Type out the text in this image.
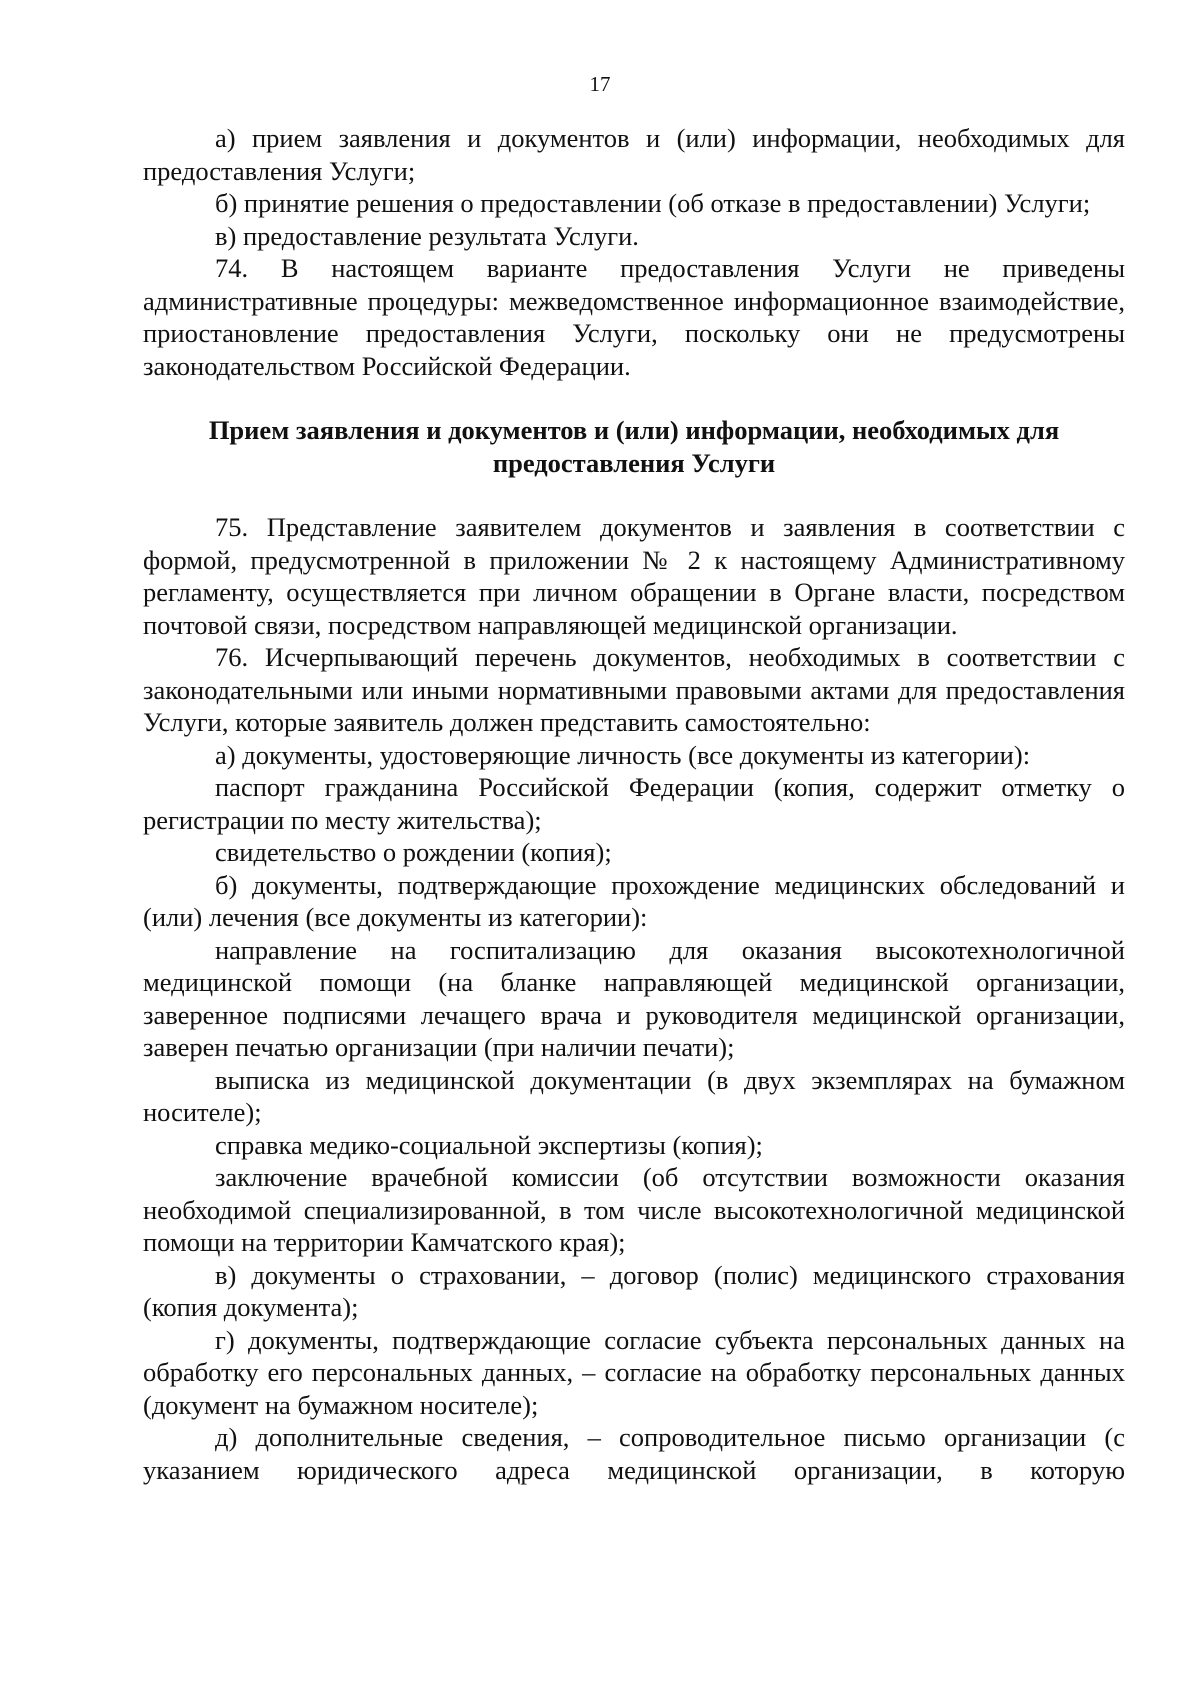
17

а) прием заявления и документов и (или) информации, необходимых для предоставления Услуги;

б) принятие решения о предоставлении (об отказе в предоставлении) Услуги;

в) предоставление результата Услуги.

74. В настоящем варианте предоставления Услуги не приведены административные процедуры: межведомственное информационное взаимодействие, приостановление предоставления Услуги, поскольку они не предусмотрены законодательством Российской Федерации.

Прием заявления и документов и (или) информации, необходимых для предоставления Услуги

75. Представление заявителем документов и заявления в соответствии с формой, предусмотренной в приложении № 2 к настоящему Административному регламенту, осуществляется при личном обращении в Органе власти, посредством почтовой связи, посредством направляющей медицинской организации.

76. Исчерпывающий перечень документов, необходимых в соответствии с законодательными или иными нормативными правовыми актами для предоставления Услуги, которые заявитель должен представить самостоятельно:

а) документы, удостоверяющие личность (все документы из категории):

паспорт гражданина Российской Федерации (копия, содержит отметку о регистрации по месту жительства);

свидетельство о рождении (копия);

б) документы, подтверждающие прохождение медицинских обследований и (или) лечения (все документы из категории):

направление на госпитализацию для оказания высокотехнологичной медицинской помощи (на бланке направляющей медицинской организации, заверенное подписями лечащего врача и руководителя медицинской организации, заверен печатью организации (при наличии печати);

выписка из медицинской документации (в двух экземплярах на бумажном носителе);

справка медико-социальной экспертизы (копия);

заключение врачебной комиссии (об отсутствии возможности оказания необходимой специализированной, в том числе высокотехнологичной медицинской помощи на территории Камчатского края);

в) документы о страховании, – договор (полис) медицинского страхования (копия документа);

г) документы, подтверждающие согласие субъекта персональных данных на обработку его персональных данных, – согласие на обработку персональных данных (документ на бумажном носителе);

д) дополнительные сведения, – сопроводительное письмо организации (с указанием юридического адреса медицинской организации, в которую
